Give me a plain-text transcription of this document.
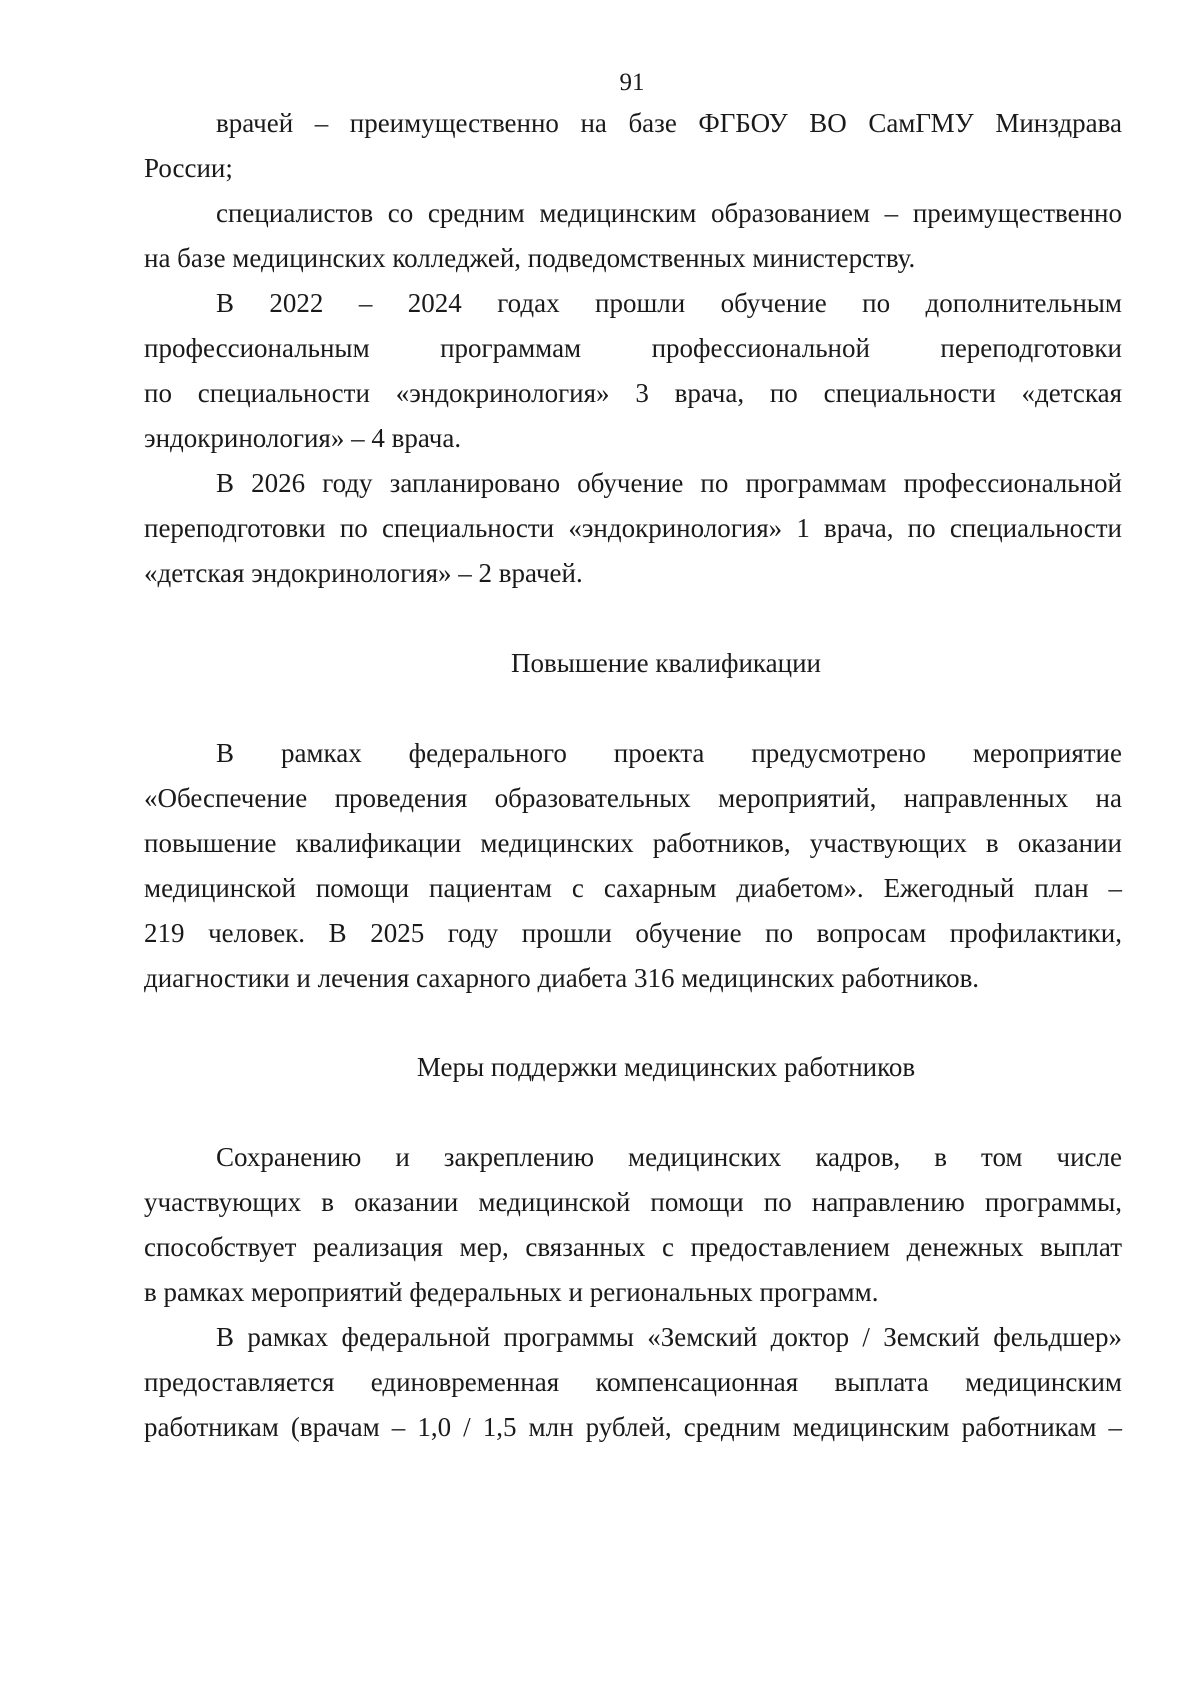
91
врачей – преимущественно на базе ФГБОУ ВО СамГМУ Минздрава
России;
специалистов со средним медицинским образованием – преимущественно
на базе медицинских колледжей, подведомственных министерству.
В 2022 – 2024 годах прошли обучение по дополнительным
профессиональным программам профессиональной переподготовки
по специальности «эндокринология» 3 врача, по специальности «детская
эндокринология» – 4 врача.
В 2026 году запланировано обучение по программам профессиональной
переподготовки по специальности «эндокринология» 1 врача, по специальности
«детская эндокринология» – 2 врачей.
Повышение квалификации
В рамках федерального проекта предусмотрено мероприятие
«Обеспечение проведения образовательных мероприятий, направленных на
повышение квалификации медицинских работников, участвующих в оказании
медицинской помощи пациентам с сахарным диабетом». Ежегодный план –
219 человек. В 2025 году прошли обучение по вопросам профилактики,
диагностики и лечения сахарного диабета 316 медицинских работников.
Меры поддержки медицинских работников
Сохранению и закреплению медицинских кадров, в том числе
участвующих в оказании медицинской помощи по направлению программы,
способствует реализация мер, связанных с предоставлением денежных выплат
в рамках мероприятий федеральных и региональных программ.
В рамках федеральной программы «Земский доктор / Земский фельдшер»
предоставляется единовременная компенсационная выплата медицинским
работникам (врачам – 1,0 / 1,5 млн рублей, средним медицинским работникам –
